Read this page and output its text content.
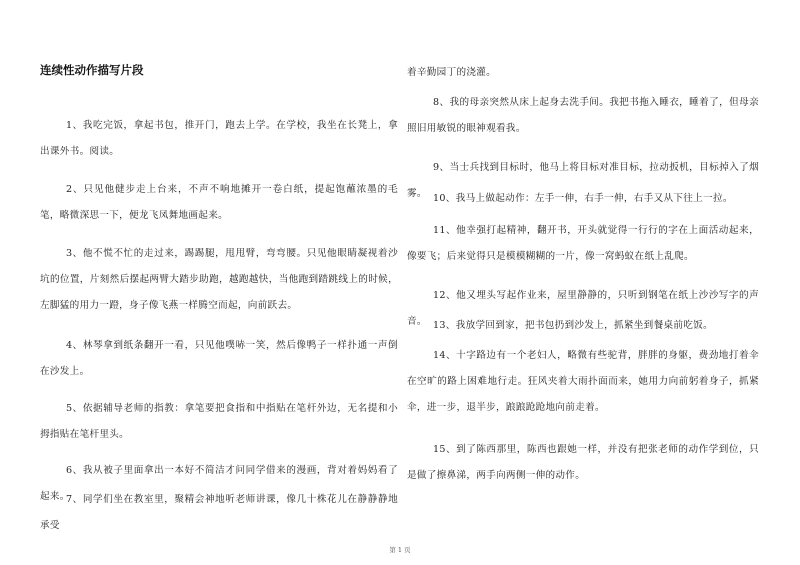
连续性动作描写片段

1、我吃完饭，拿起书包，推开门，跑去上学。在学校，我坐在长凳上，拿出课外书。阅读。

2、只见他健步走上台来，不声不响地摊开一卷白纸，提起饱蘸浓墨的毛笔，略微深思一下，便龙飞凤舞地画起来。

3、他不慌不忙的走过来，踢踢腿，甩甩臂，弯弯腰。只见他眼睛凝视着沙坑的位置，片刻然后摆起两臂大踏步助跑，越跑越快，当他跑到踏跳线上的时候，左脚猛的用力一蹬，身子像飞燕一样腾空而起，向前跃去。

4、林琴拿到纸条翻开一看，只见他噗哧一笑，然后像鸭子一样扑通一声倒在沙发上。

5、依据辅导老师的指教：拿笔要把食指和中指贴在笔杆外边，无名提和小拇指贴在笔杆里头。

6、我从被子里面拿出一本好不简洁才问同学借来的漫画，背对着妈妈看了起来。

7、同学们坐在教室里，聚精会神地听老师讲课，像几十株花儿在静静静地承受

着辛勤园丁的浇灌。

8、我的母亲突然从床上起身去洗手间。我把书拖入睡衣，睡着了，但母亲照旧用敏锐的眼神观看我。

9、当士兵找到目标时，他马上将目标对准目标，拉动扳机，目标掉入了烟雾。 10、我马上做起动作：左手一伸，右手一伸，右手又从下往上一拉。

11、他幸强打起精神，翻开书，开头就觉得一行行的字在上面活动起来，像要飞；后来觉得只是模模糊糊的一片，像一窝蚂蚁在纸上乱爬。

12、他又埋头写起作业来，屋里静静的，只听到钢笔在纸上沙沙写字的声音。 13、我放学回到家，把书包扔到沙发上，抓紧坐到餐桌前吃饭。

14、十字路边有一个老妇人，略微有些驼背，胖胖的身躯，费劲地打着伞在空旷的路上困难地行走。狂风夹着大雨扑面而来，她用力向前躬着身子，抓紧伞，进一步，退半步，踉踉跄跄地向前走着。

15、到了陈西那里，陈西也跟她一样，并没有把张老师的动作学到位，只是做了擦鼻涕，两手向两侧一伸的动作。

第 1 页
